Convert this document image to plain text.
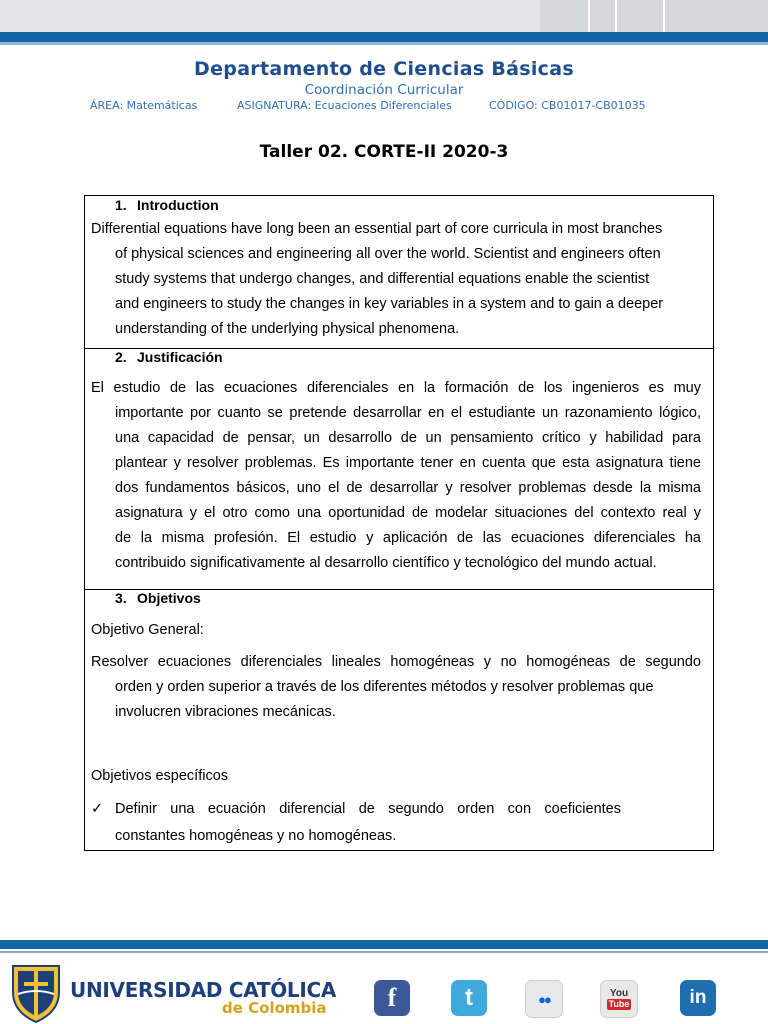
Departamento de Ciencias Básicas
Coordinación Curricular
ÁREA: Matemáticas	ASIGNATURA: Ecuaciones Diferenciales	CÓDIGO: CB01017-CB01035
Taller 02. CORTE-II 2020-3
1. Introduction
Differential equations have long been an essential part of core curricula in most branches
of physical sciences and engineering all over the world. Scientist and engineers often
study systems that undergo changes, and differential equations enable the scientist
and engineers to study the changes in key variables in a system and to gain a deeper
understanding of the underlying physical phenomena.
2. Justificación
El estudio de las ecuaciones diferenciales en la formación de los ingenieros es muy
importante por cuanto se pretende desarrollar en el estudiante un razonamiento lógico,
una capacidad de pensar, un desarrollo de un pensamiento crítico y habilidad para
plantear y resolver problemas. Es importante tener en cuenta que esta asignatura tiene
dos fundamentos básicos, uno el de desarrollar y resolver problemas desde la misma
asignatura y el otro como una oportunidad de modelar situaciones del contexto real y
de la misma profesión. El estudio y aplicación de las ecuaciones diferenciales ha
contribuido significativamente al desarrollo científico y tecnológico del mundo actual.
3. Objetivos
Objetivo General:
Resolver ecuaciones diferenciales lineales homogéneas y no homogéneas de segundo
orden y orden superior a través de los diferentes métodos y resolver problemas que
involucren vibraciones mecánicas.
Objetivos específicos
✓ Definir una ecuación diferencial de segundo orden con coeficientes
constantes homogéneas y no homogéneas.
UNIVERSIDAD CATÓLICA
de Colombia	f	t	●●	You
Tube	in
